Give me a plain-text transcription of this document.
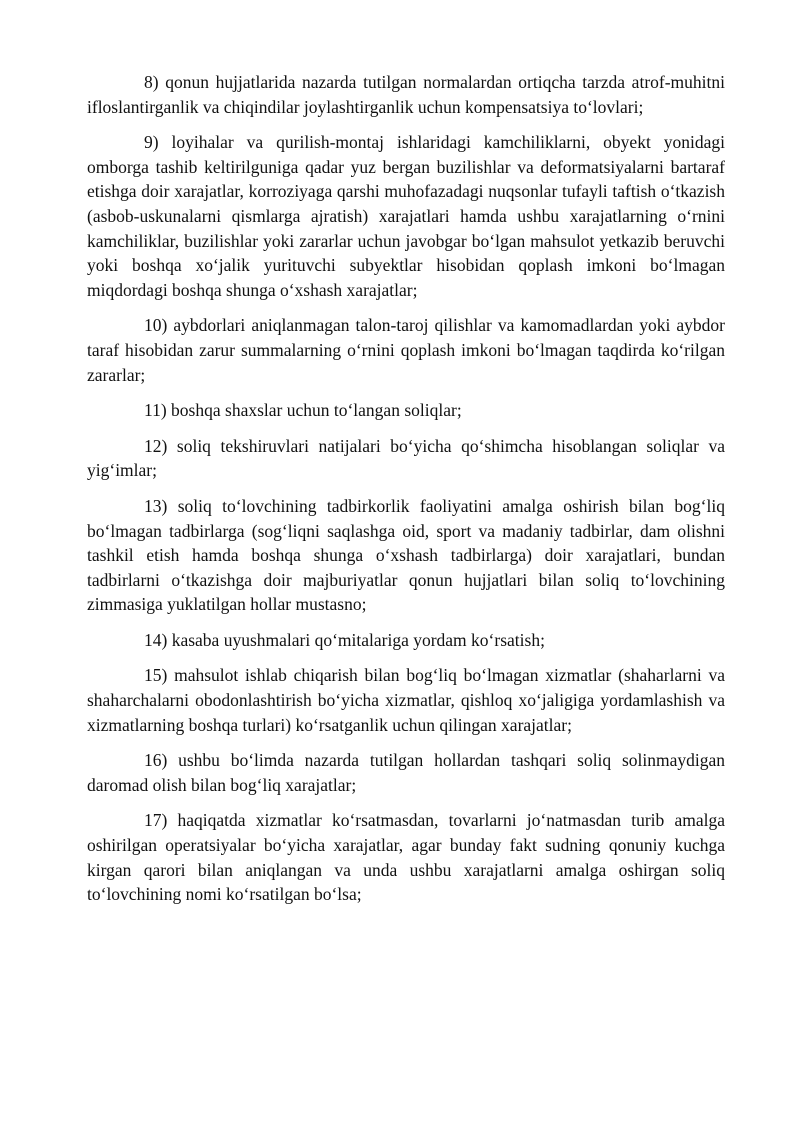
8) qonun hujjatlarida nazarda tutilgan normalardan ortiqcha tarzda atrof-muhitni ifloslantirganlik va chiqindilar joylashtirganlik uchun kompensatsiya to‘lovlari;

9) loyihalar va qurilish-montaj ishlaridagi kamchiliklarni, obyekt yonidagi omborga tashib keltirilguniga qadar yuz bergan buzilishlar va deformatsiyalarni bartaraf etishga doir xarajatlar, korroziyaga qarshi muhofazadagi nuqsonlar tufayli taftish o‘tkazish (asbob-uskunalarni qismlarga ajratish) xarajatlari hamda ushbu xarajatlarning o‘rnini kamchiliklar, buzilishlar yoki zararlar uchun javobgar bo‘lgan mahsulot yetkazib beruvchi yoki boshqa xo‘jalik yurituvchi subyektlar hisobidan qoplash imkoni bo‘lmagan miqdordagi boshqa shunga o‘xshash xarajatlar;

10) aybdorlari aniqlanmagan talon-taroj qilishlar va kamomadlardan yoki aybdor taraf hisobidan zarur summalarning o‘rnini qoplash imkoni bo‘lmagan taqdirda ko‘rilgan zararlar;

11) boshqa shaxslar uchun to‘langan soliqlar;

12) soliq tekshiruvlari natijalari bo‘yicha qo‘shimcha hisoblangan soliqlar va yig‘imlar;

13) soliq to‘lovchining tadbirkorlik faoliyatini amalga oshirish bilan bog‘liq bo‘lmagan tadbirlarga (sog‘liqni saqlashga oid, sport va madaniy tadbirlar, dam olishni tashkil etish hamda boshqa shunga o‘xshash tadbirlarga) doir xarajatlari, bundan tadbirlarni o‘tkazishga doir majburiyatlar qonun hujjatlari bilan soliq to‘lovchining zimmasiga yuklatilgan hollar mustasno;

14) kasaba uyushmalari qo‘mitalariga yordam ko‘rsatish;

15) mahsulot ishlab chiqarish bilan bog‘liq bo‘lmagan xizmatlar (shaharlarni va shaharchalarni obodonlashtirish bo‘yicha xizmatlar, qishloq xo‘jaligiga yordamlashish va xizmatlarning boshqa turlari) ko‘rsatganlik uchun qilingan xarajatlar;

16) ushbu bo‘limda nazarda tutilgan hollardan tashqari soliq solinmaydigan daromad olish bilan bog‘liq xarajatlar;

17) haqiqatda xizmatlar ko‘rsatmasdan, tovarlarni jo‘natmasdan turib amalga oshirilgan operatsiyalar bo‘yicha xarajatlar, agar bunday fakt sudning qonuniy kuchga kirgan qarori bilan aniqlangan va unda ushbu xarajatlarni amalga oshirgan soliq to‘lovchining nomi ko‘rsatilgan bo‘lsa;
